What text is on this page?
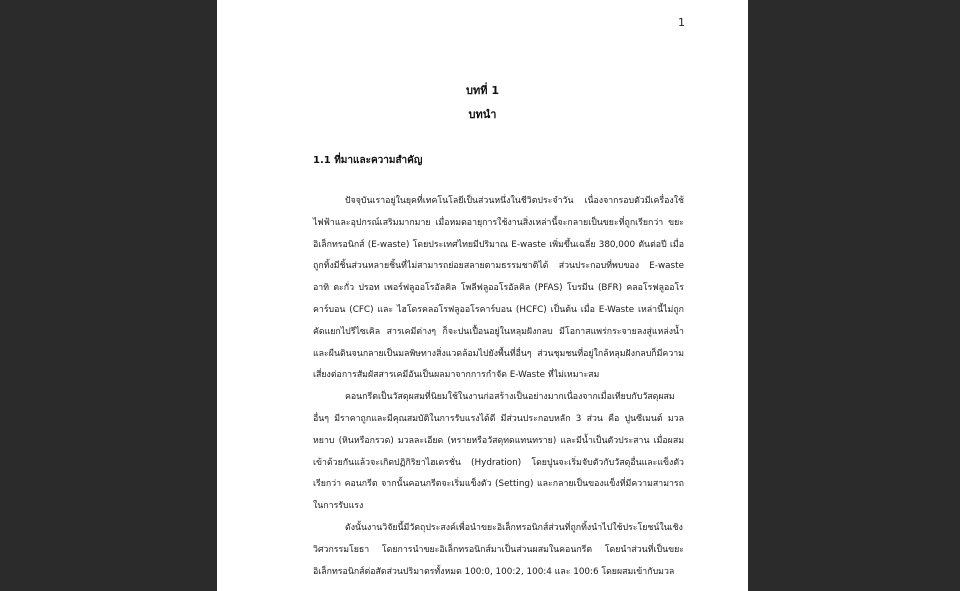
1
บทที่ 1
บทนำ
1.1 ที่มาและความสำคัญ

ปัจจุบันเราอยู่ในยุคที่เทคโนโลยีเป็นส่วนหนึ่งในชีวิตประจำวัน เนื่องจากรอบตัวมีเครื่องใช้ไฟฟ้าและอุปกรณ์เสริมมากมาย เมื่อหมดอายุการใช้งานสิ่งเหล่านี้จะกลายเป็นขยะที่ถูกเรียกว่า ขยะอิเล็กทรอนิกส์ (E-waste) โดยประเทศไทยมีปริมาณ E-waste เพิ่มขึ้นเฉลี่ย 380,000 ตันต่อปี เมื่อถูกทิ้งมีชิ้นส่วนหลายชิ้นที่ไม่สามารถย่อยสลายตามธรรมชาติได้ ส่วนประกอบที่พบของ E-waste อาทิ ตะกั่ว ปรอท เพอร์ฟลูออโรอัลคิล โพลีฟลูออโรอัลคิล (PFAS) โบรมีน (BFR) คลอโรฟลูออโรคาร์บอน (CFC) และ ไฮโดรคลอโรฟลูออโรคาร์บอน (HCFC) เป็นต้น เมื่อ E-Waste เหล่านี้ไม่ถูกคัดแยกไปรีไซเคิล สารเคมีต่างๆ ก็จะปนเปื้อนอยู่ในหลุมฝังกลบ มีโอกาสแพร่กระจายลงสู่แหล่งน้ำและผืนดินจนกลายเป็นมลพิษทางสิ่งแวดล้อมไปยังพื้นที่อื่นๆ ส่วนชุมชนที่อยู่ใกล้หลุมฝังกลบก็มีความเสี่ยงต่อการสัมผัสสารเคมีอันเป็นผลมาจากการกำจัด E-Waste ที่ไม่เหมาะสม

คอนกรีตเป็นวัสดุผสมที่นิยมใช้ในงานก่อสร้างเป็นอย่างมากเนื่องจากเมื่อเทียบกับวัสดุผสมอื่นๆ มีราคาถูกและมีคุณสมบัติในการรับแรงได้ดี มีส่วนประกอบหลัก 3 ส่วน คือ ปูนซีเมนต์ มวลหยาบ (หินหรือกรวด) มวลละเอียด (ทรายหรือวัสดุทดแทนทราย) และมีน้ำเป็นตัวประสาน เมื่อผสมเข้าด้วยกันแล้วจะเกิดปฏิกิริยาไฮเดรชั่น (Hydration) โดยปูนจะเริ่มจับตัวกับวัสดุอื่นและแข็งตัว เรียกว่า คอนกรีต จากนั้นคอนกรีตจะเริ่มแข็งตัว (Setting) และกลายเป็นของแข็งที่มีความสามารถในการรับแรง

ดังนั้นงานวิจัยนี้มีวัตถุประสงค์เพื่อนำขยะอิเล็กทรอนิกส์ส่วนที่ถูกทิ้งนำไปใช้ประโยชน์ในเชิงวิศวกรรมโยธา โดยการนำขยะอิเล็กทรอนิกส์มาเป็นส่วนผสมในคอนกรีต โดยนำส่วนที่เป็นขยะอิเล็กทรอนิกส์ต่อสัดส่วนปริมาตรทั้งหมด 100:0, 100:2, 100:4 และ 100:6 โดยผสมเข้ากับมวล
